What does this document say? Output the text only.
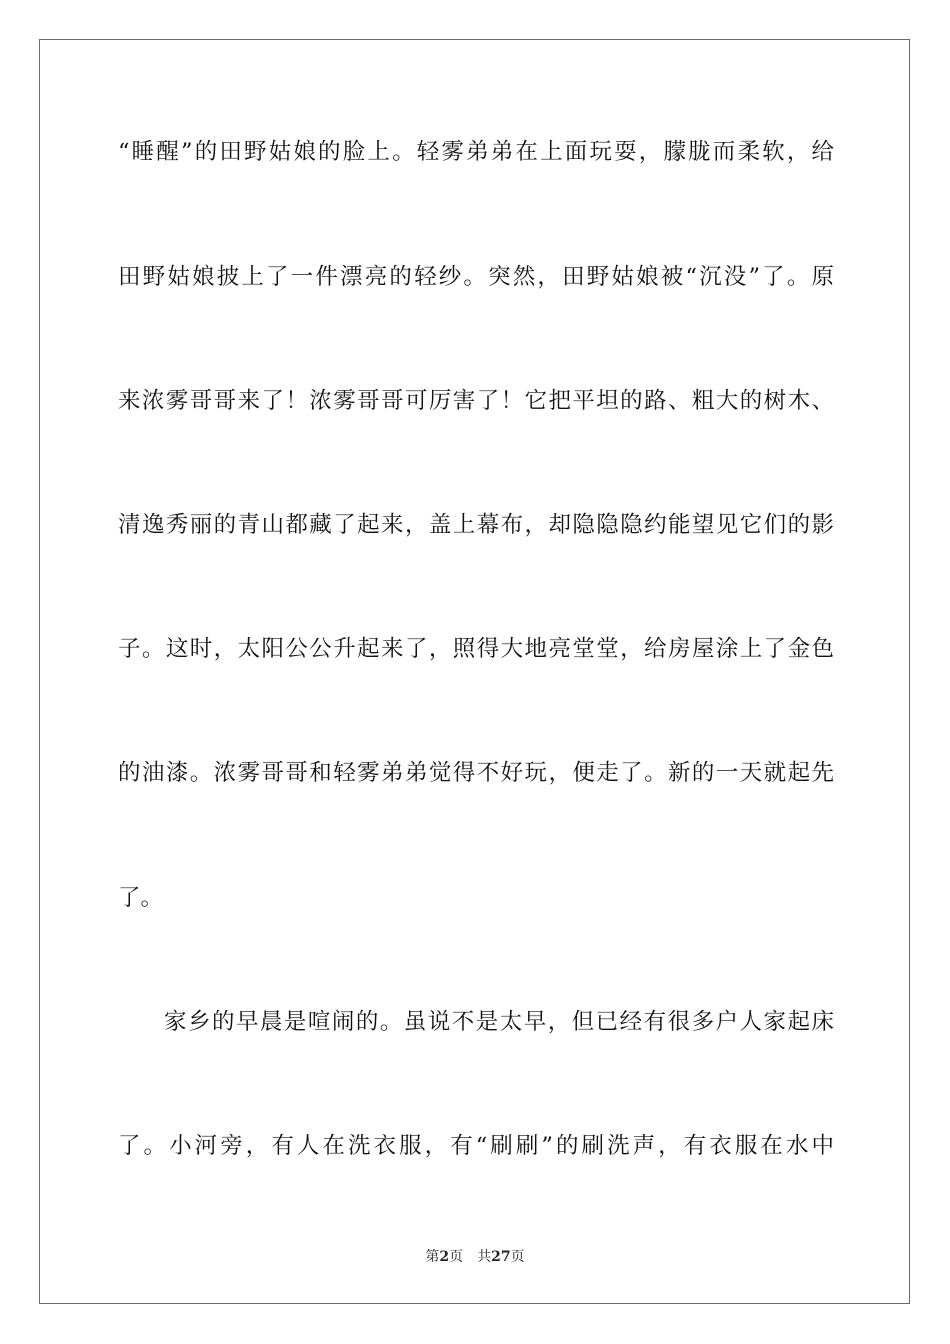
“睡醒”的田野姑娘的脸上。轻雾弟弟在上面玩耍，朦胧而柔软，给
田野姑娘披上了一件漂亮的轻纱。突然，田野姑娘被“沉没”了。原
来浓雾哥哥来了！浓雾哥哥可厉害了！它把平坦的路、粗大的树木、
清逸秀丽的青山都藏了起来，盖上幕布，却隐隐隐约能望见它们的影
子。这时，太阳公公升起来了，照得大地亮堂堂，给房屋涂上了金色
的油漆。浓雾哥哥和轻雾弟弟觉得不好玩，便走了。新的一天就起先
了。
家乡的早晨是喧闹的。虽说不是太早，但已经有很多户人家起床
了。小河旁，有人在洗衣服，有“刷刷”的刷洗声，有衣服在水中
第2页 共27页
